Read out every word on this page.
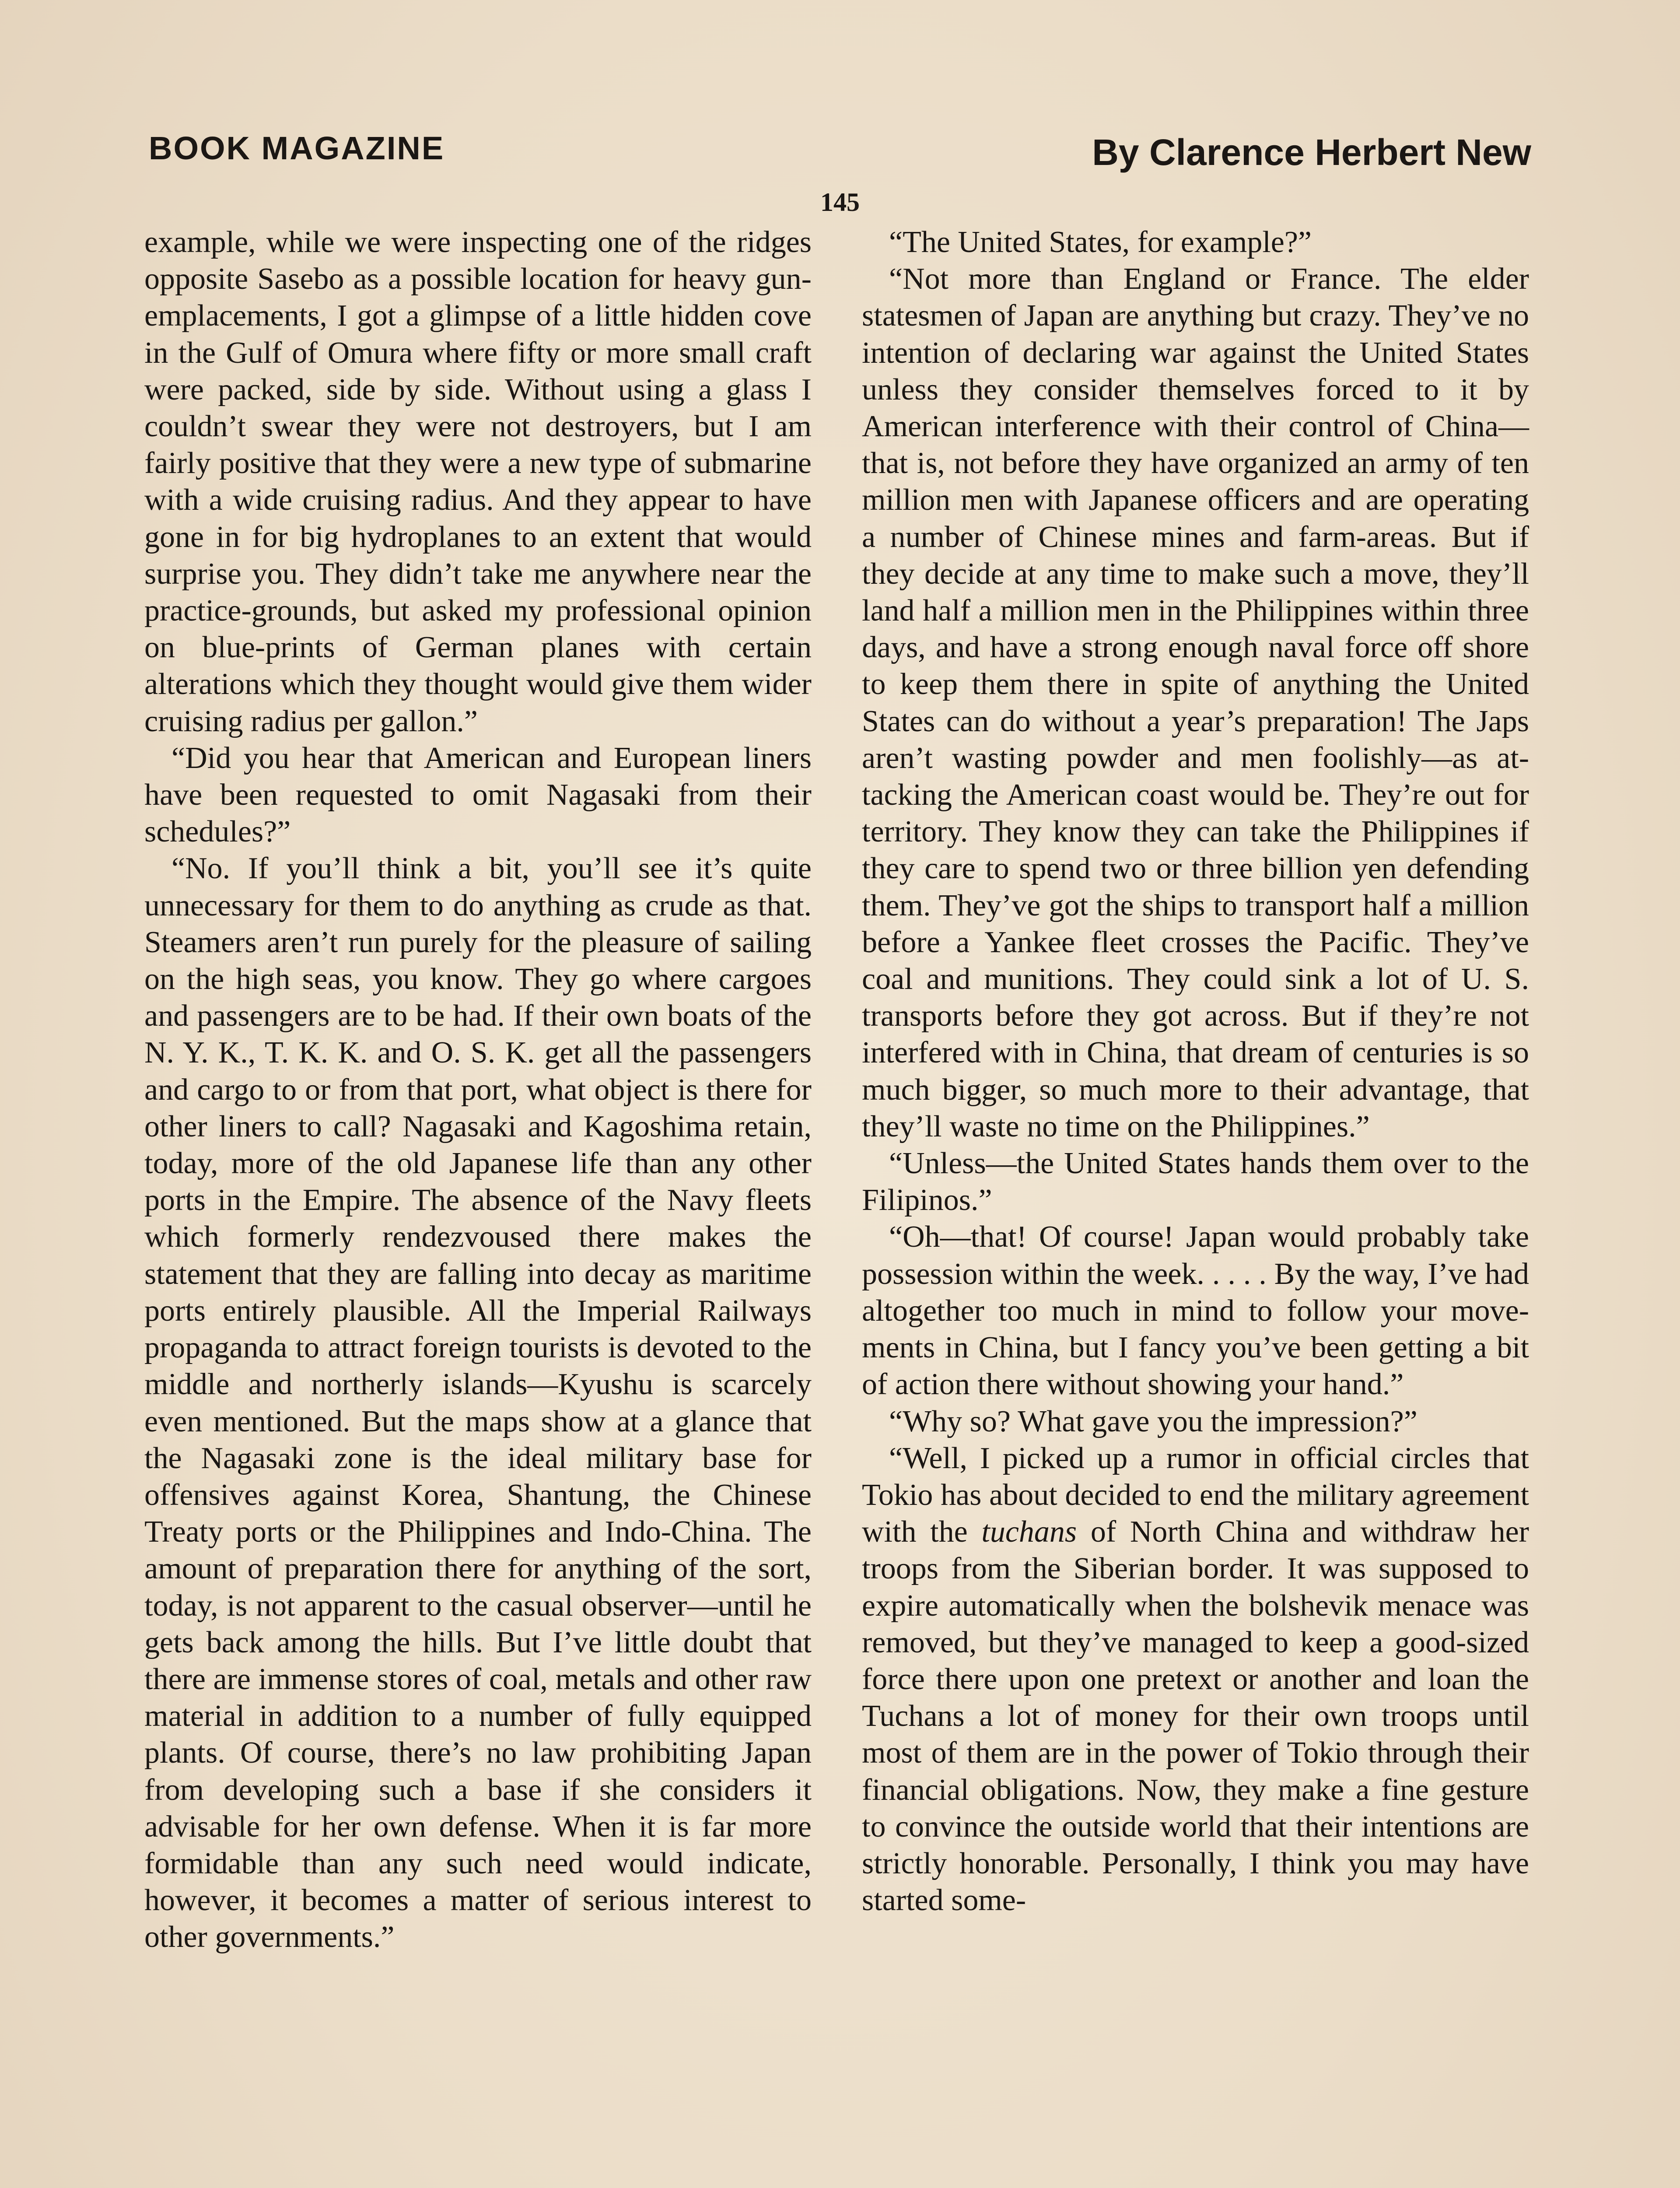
BOOK MAGAZINE	By Clarence Herbert New
145

example, while we were inspecting one of the ridges opposite Sasebo as a possible location for heavy gun-emplacements, I got a glimpse of a little hidden cove in the Gulf of Omura where fifty or more small craft were packed, side by side. Without using a glass I couldn’t swear they were not destroyers, but I am fairly positive that they were a new type of submarine with a wide cruising radius. And they appear to have gone in for big hydroplanes to an extent that would surprise you. They didn’t take me anywhere near the practice-grounds, but asked my professional opinion on blue-prints of German planes with certain alterations which they thought would give them wider cruising radius per gallon.”

“Did you hear that American and European liners have been requested to omit Nagasaki from their schedules?”

“No. If you’ll think a bit, you’ll see it’s quite unnecessary for them to do anything as crude as that. Steamers aren’t run purely for the pleasure of sailing on the high seas, you know. They go where cargoes and passengers are to be had. If their own boats of the N. Y. K., T. K. K. and O. S. K. get all the passengers and cargo to or from that port, what object is there for other liners to call? Nagasaki and Kagoshima retain, today, more of the old Japanese life than any other ports in the Empire. The absence of the Navy fleets which formerly rendezvoused there makes the statement that they are falling into decay as maritime ports entirely plausible. All the Imperial Railways propaganda to attract foreign tourists is devoted to the middle and northerly islands—Kyushu is scarcely even mentioned. But the maps show at a glance that the Nagasaki zone is the ideal military base for offensives against Korea, Shantung, the Chinese Treaty ports or the Philippines and Indo-China. The amount of preparation there for anything of the sort, today, is not apparent to the casual observer—until he gets back among the hills. But I’ve little doubt that there are immense stores of coal, metals and other raw material in addition to a number of fully equipped plants. Of course, there’s no law prohibiting Japan from developing such a base if she considers it advisable for her own defense. When it is far more formidable than any such need would indicate, however, it becomes a matter of serious interest to other governments.”

“The United States, for example?”

“Not more than England or France. The elder statesmen of Japan are anything but crazy. They’ve no intention of declaring war against the United States unless they consider themselves forced to it by American interference with their control of China—that is, not before they have organized an army of ten million men with Japanese officers and are operating a number of Chinese mines and farm-areas. But if they decide at any time to make such a move, they’ll land half a million men in the Philippines within three days, and have a strong enough naval force off shore to keep them there in spite of anything the United States can do without a year’s preparation! The Japs aren’t wasting powder and men foolishly—as attacking the American coast would be. They’re out for territory. They know they can take the Philippines if they care to spend two or three billion yen defending them. They’ve got the ships to transport half a million before a Yankee fleet crosses the Pacific. They’ve coal and munitions. They could sink a lot of U. S. transports before they got across. But if they’re not interfered with in China, that dream of centuries is so much bigger, so much more to their advantage, that they’ll waste no time on the Philippines.”

“Unless—the United States hands them over to the Filipinos.”

“Oh—that! Of course! Japan would probably take possession within the week. . . . . By the way, I’ve had altogether too much in mind to follow your movements in China, but I fancy you’ve been getting a bit of action there without showing your hand.”

“Why so? What gave you the impression?”

“Well, I picked up a rumor in official circles that Tokio has about decided to end the military agreement with the tuchans of North China and withdraw her troops from the Siberian border. It was supposed to expire automatically when the bolshevik menace was removed, but they’ve managed to keep a good-sized force there upon one pretext or another and loan the Tuchans a lot of money for their own troops until most of them are in the power of Tokio through their financial obligations. Now, they make a fine gesture to convince the outside world that their intentions are strictly honorable. Personally, I think you may have started some-
